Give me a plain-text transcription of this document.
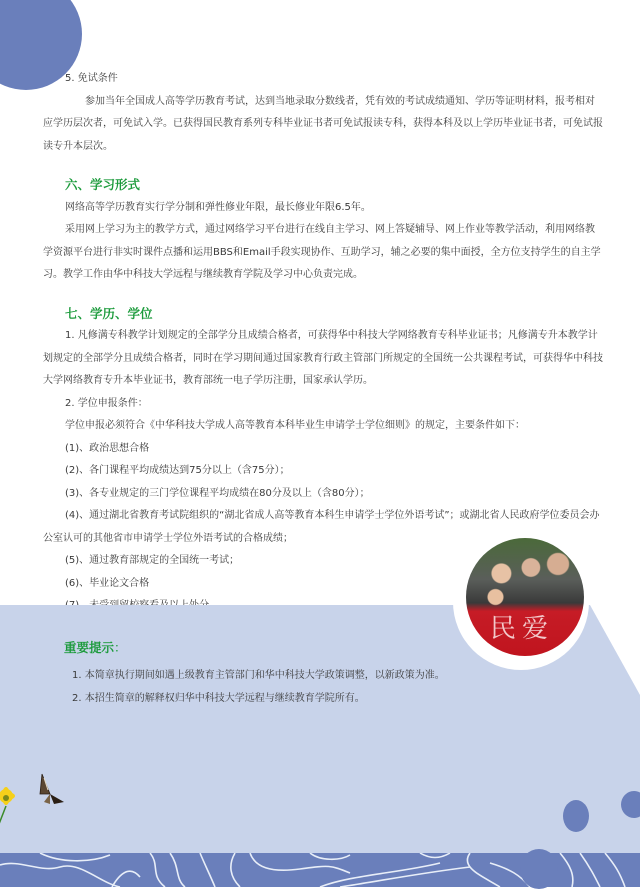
5. 免试条件

参加当年全国成人高等学历教育考试，达到当地录取分数线者，凭有效的考试成绩通知、学历等证明材料，报考相对应学历层次者，可免试入学。已获得国民教育系列专科毕业证书者可免试报读专科，获得本科及以上学历毕业证书者，可免试报读专升本层次。

六、学习形式

网络高等学历教育实行学分制和弹性修业年限，最长修业年限6.5年。

采用网上学习为主的教学方式，通过网络学习平台进行在线自主学习、网上答疑辅导、网上作业等教学活动，利用网络教学资源平台进行非实时课件点播和运用BBS和Email手段实现协作、互助学习，辅之必要的集中面授，全方位支持学生的自主学习。教学工作由华中科技大学远程与继续教育学院及学习中心负责完成。

七、学历、学位

1. 凡修满专科教学计划规定的全部学分且成绩合格者，可获得华中科技大学网络教育专科毕业证书；凡修满专升本教学计划规定的全部学分且成绩合格者，同时在学习期间通过国家教育行政主管部门所规定的全国统一公共课程考试，可获得华中科技大学网络教育专升本毕业证书，教育部统一电子学历注册，国家承认学历。

2. 学位申报条件：

学位申报必须符合《中华科技大学成人高等教育本科毕业生申请学士学位细则》的规定，主要条件如下：

(1)、政治思想合格

(2)、各门课程平均成绩达到75分以上（含75分）；

(3)、各专业规定的三门学位课程平均成绩在80分及以上（含80分）；

(4)、通过湖北省教育考试院组织的“湖北省成人高等教育本科生申请学士学位外语考试”；或湖北省人民政府学位委员会办公室认可的其他省市申请学士学位外语考试的合格成绩；

(5)、通过教育部规定的全国统一考试；

(6)、毕业论文合格

民爱

重要提示：

1. 本简章执行期间如遇上级教育主管部门和华中科技大学政策调整，以新政策为准。

2. 本招生简章的解释权归华中科技大学远程与继续教育学院所有。
